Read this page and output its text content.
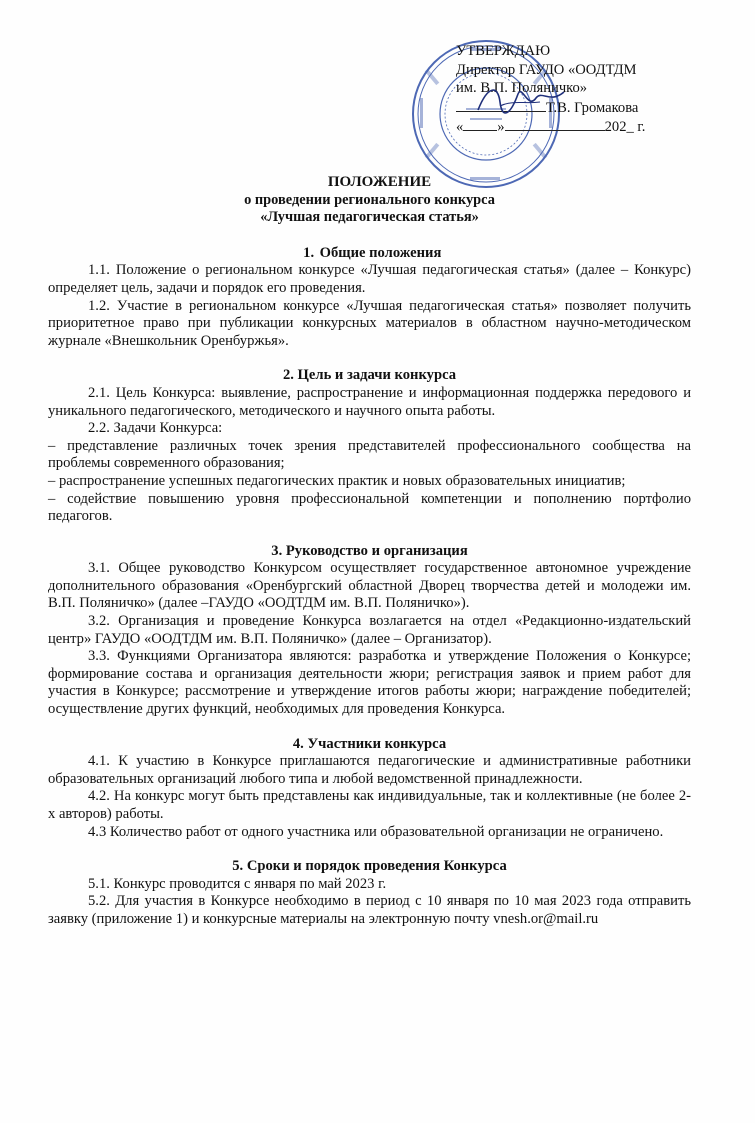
УТВЕРЖДАЮ
Директор ГАУДО «ООДТДМ
им. В.П. Поляничко»
Т.В. Громакова
« »	202_ г.
ПОЛОЖЕНИЕ
о проведении регионального конкурса
«Лучшая педагогическая статья»
1. Общие положения

1.1. Положение о региональном конкурсе «Лучшая педагогическая статья» (далее – Конкурс) определяет цель, задачи и порядок его проведения.

1.2. Участие в региональном конкурсе «Лучшая педагогическая статья» позволяет получить приоритетное право при публикации конкурсных материалов в областном научно-методическом журнале «Внешкольник Оренбуржья».

2. Цель и задачи конкурса

2.1. Цель Конкурса: выявление, распространение и информационная поддержка передового и уникального педагогического, методического и научного опыта работы.

2.2. Задачи Конкурса:

– представление различных точек зрения представителей профессионального сообщества на проблемы современного образования;

– распространение успешных педагогических практик и новых образовательных инициатив;

– содействие повышению уровня профессиональной компетенции и пополнению портфолио педагогов.

3. Руководство и организация

3.1. Общее руководство Конкурсом осуществляет государственное автономное учреждение дополнительного образования «Оренбургский областной Дворец творчества детей и молодежи им. В.П. Поляничко» (далее –ГАУДО «ООДТДМ им. В.П. Поляничко»).

3.2. Организация и проведение Конкурса возлагается на отдел «Редакционно-издательский центр» ГАУДО «ООДТДМ им. В.П. Поляничко» (далее – Организатор).

3.3. Функциями Организатора являются: разработка и утверждение Положения о Конкурсе; формирование состава и организация деятельности жюри; регистрация заявок и прием работ для участия в Конкурсе; рассмотрение и утверждение итогов работы жюри; награждение победителей; осуществление других функций, необходимых для проведения Конкурса.

4. Участники конкурса

4.1. К участию в Конкурсе приглашаются педагогические и административные работники образовательных организаций любого типа и любой ведомственной принадлежности.

4.2. На конкурс могут быть представлены как индивидуальные, так и коллективные (не более 2-х авторов) работы.

4.3 Количество работ от одного участника или образовательной организации не ограничено.

5. Сроки и порядок проведения Конкурса

5.1. Конкурс проводится с января по май 2023 г.

5.2. Для участия в Конкурсе необходимо в период с 10 января по 10 мая 2023 года отправить заявку (приложение 1) и конкурсные материалы на электронную почту vnesh.or@mail.ru
